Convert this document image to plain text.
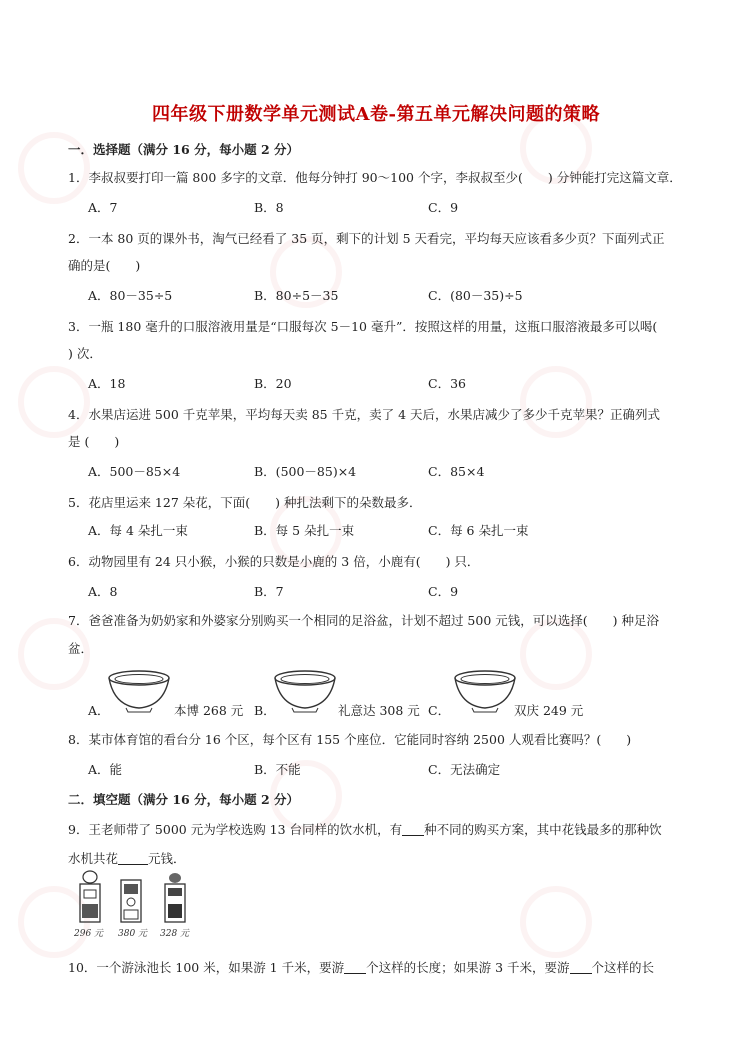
四年级下册数学单元测试A卷-第五单元解决问题的策略
一．选择题（满分 16 分，每小题 2 分）
1．李叔叔要打印一篇 800 多字的文章．他每分钟打 90～100 个字，李叔叔至少(　　) 分钟能打完这篇文章．
A．7	B．8	C．9
2．一本 80 页的课外书，淘气已经看了 35 页，剩下的计划 5 天看完，平均每天应该看多少页？下面列式正
确的是(　　)
A．80－35÷5	B．80÷5－35	C．(80－35)÷5
3．一瓶 180 毫升的口服溶液用量是“口服每次 5－10 毫升”．按照这样的用量，这瓶口服溶液最多可以喝(
) 次．
A．18	B．20	C．36
4．水果店运进 500 千克苹果，平均每天卖 85 千克，卖了 4 天后，水果店减少了多少千克苹果？正确列式
是 (　　)
A．500－85×4	B．(500－85)×4	C．85×4
5．花店里运来 127 朵花，下面(　　) 种扎法剩下的朵数最多．
A．每 4 朵扎一束	B．每 5 朵扎一束	C．每 6 朵扎一束
6．动物园里有 24 只小猴，小猴的只数是小鹿的 3 倍，小鹿有(　　) 只．
A．8	B．7	C．9
7．爸爸准备为奶奶家和外婆家分别购买一个相同的足浴盆，计划不超过 500 元钱，可以选择(　　) 种足浴
盆．
A．	本博 268 元 B．	礼意达 308 元 C．	双庆 249 元
8．某市体育馆的看台分 16 个区，每个区有 155 个座位．它能同时容纳 2500 人观看比赛吗？(　　)
A．能	B．不能	C．无法确定
二．填空题（满分 16 分，每小题 2 分）
9．王老师带了 5000 元为学校选购 13 台同样的饮水机，有 种不同的购买方案，其中花钱最多的那种饮
水机共花 元钱．
296 元 380 元 328 元
10．一个游泳池长 100 米，如果游 1 千米，要游 个这样的长度；如果游 3 千米，要游 个这样的长
